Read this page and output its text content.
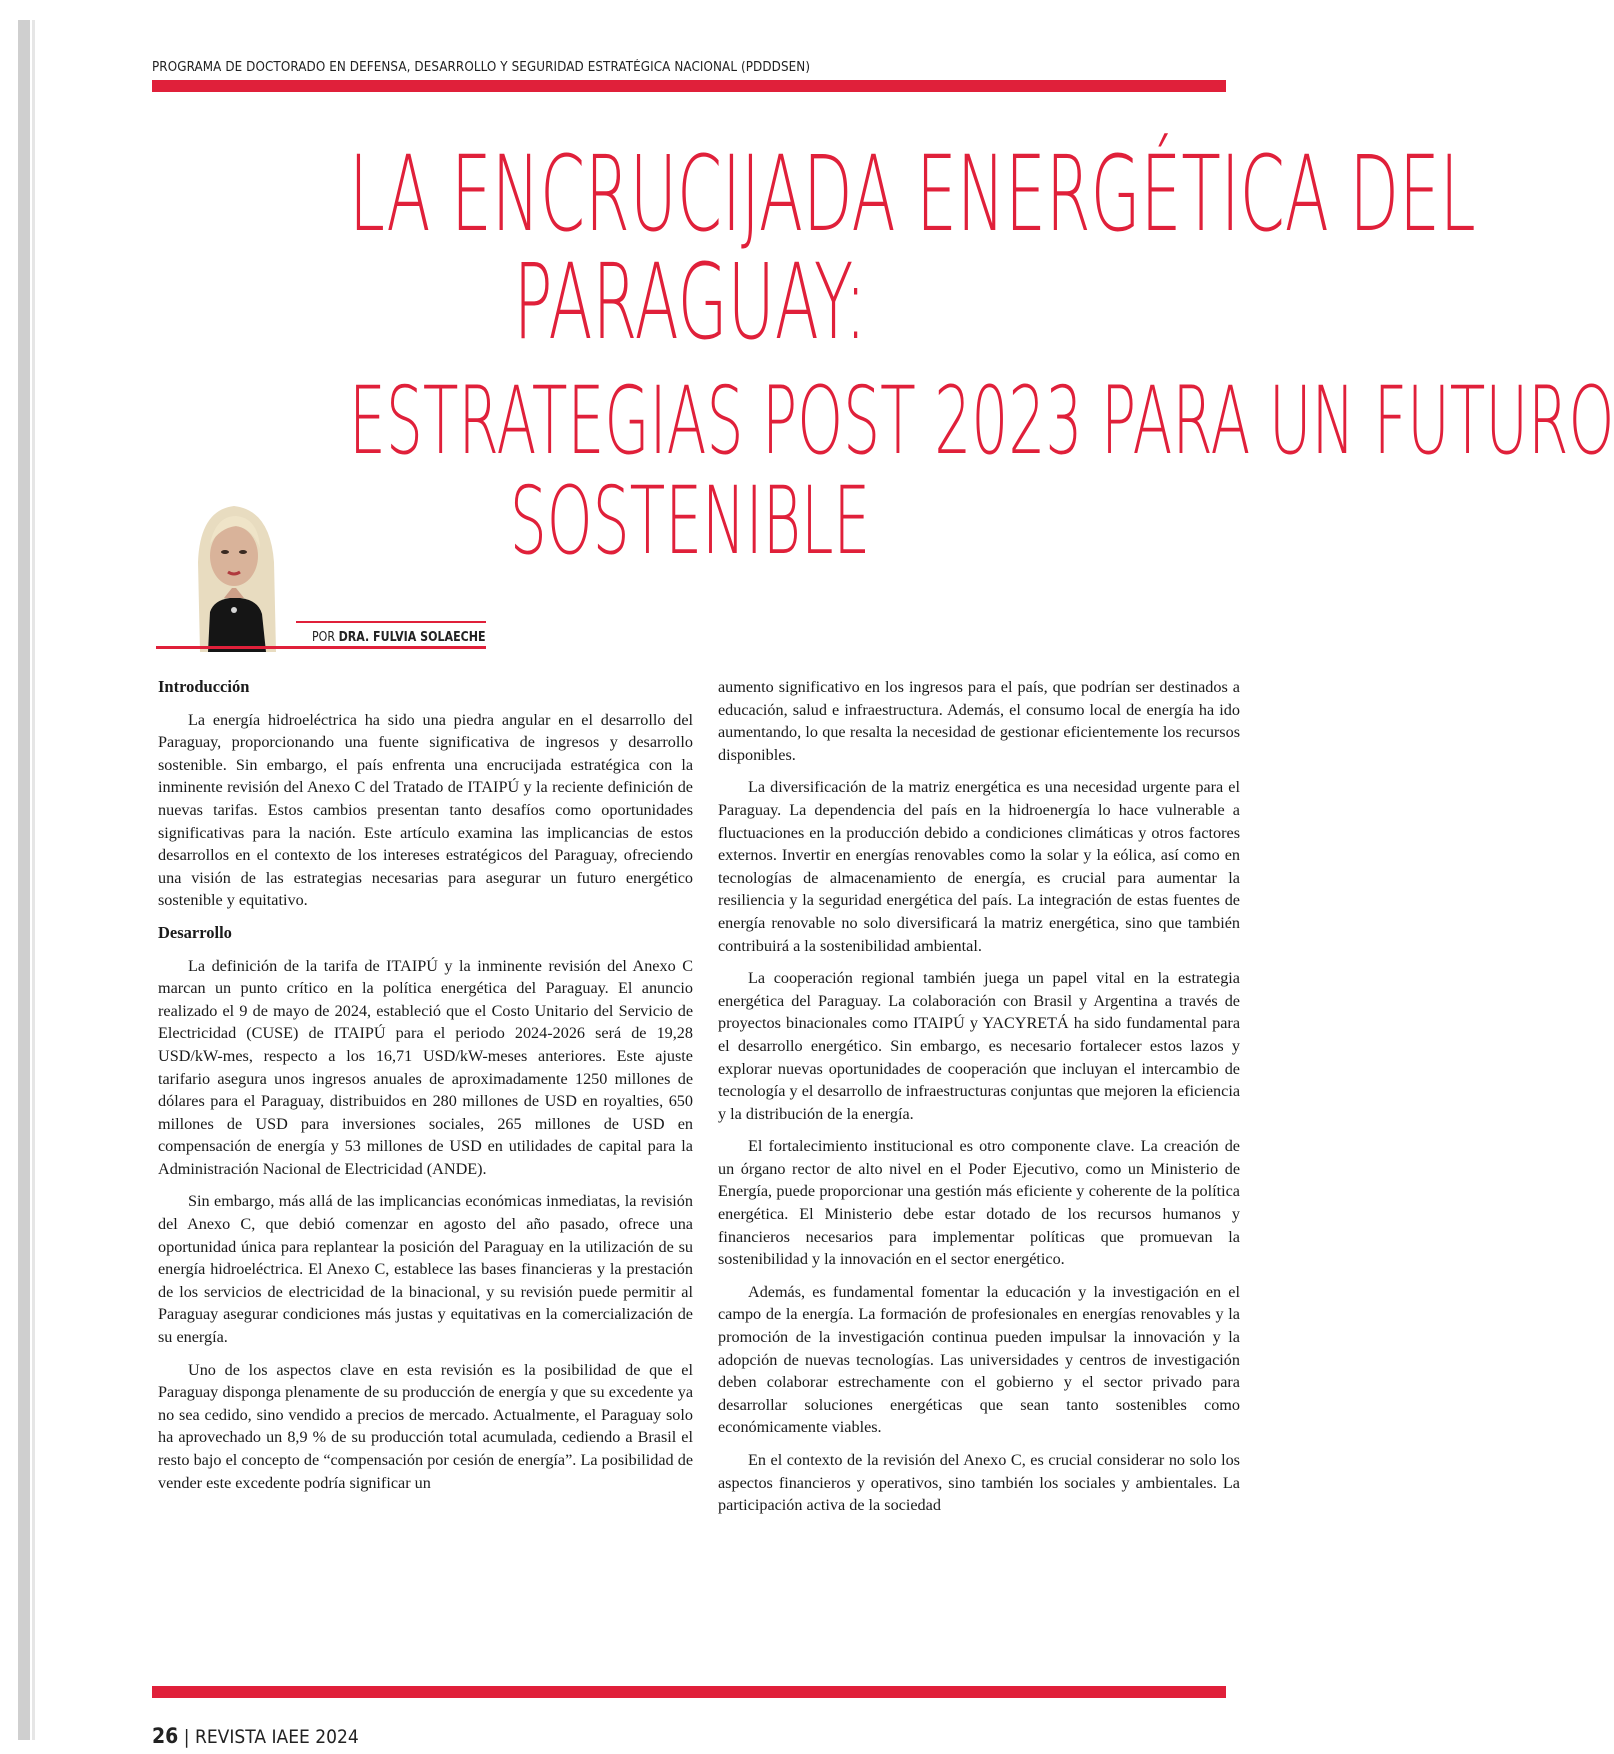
PROGRAMA DE DOCTORADO EN DEFENSA, DESARROLLO Y SEGURIDAD ESTRATÉGICA NACIONAL (PDDDSEN)
LA ENCRUCIJADA ENERGÉTICA DEL
PARAGUAY:
ESTRATEGIAS POST 2023 PARA UN FUTURO
SOSTENIBLE
POR DRA. FULVIA SOLAECHE
Introducción

La energía hidroeléctrica ha sido una piedra angular en el desarrollo del Paraguay, proporcionando una fuente significativa de ingresos y desarrollo sostenible. Sin embargo, el país enfrenta una encrucijada estratégica con la inminente revisión del Anexo C del Tratado de ITAIPÚ y la reciente definición de nuevas tarifas. Estos cambios presentan tanto desafíos como oportunidades significativas para la nación. Este artículo examina las implicancias de estos desarrollos en el contexto de los intereses estratégicos del Paraguay, ofreciendo una visión de las estrategias necesarias para asegurar un futuro energético sostenible y equitativo.

Desarrollo

La definición de la tarifa de ITAIPÚ y la inminente revisión del Anexo C marcan un punto crítico en la política energética del Paraguay. El anuncio realizado el 9 de mayo de 2024, estableció que el Costo Unitario del Servicio de Electricidad (CUSE) de ITAIPÚ para el periodo 2024-2026 será de 19,28 USD/kW-mes, respecto a los 16,71 USD/kW-meses anteriores. Este ajuste tarifario asegura unos ingresos anuales de aproximadamente 1250 millones de dólares para el Paraguay, distribuidos en 280 millones de USD en royalties, 650 millones de USD para inversiones sociales, 265 millones de USD en compensación de energía y 53 millones de USD en utilidades de capital para la Administración Nacional de Electricidad (ANDE).

Sin embargo, más allá de las implicancias económicas inmediatas, la revisión del Anexo C, que debió comenzar en agosto del año pasado, ofrece una oportunidad única para replantear la posición del Paraguay en la utilización de su energía hidroeléctrica. El Anexo C, establece las bases financieras y la prestación de los servicios de electricidad de la binacional, y su revisión puede permitir al Paraguay asegurar condiciones más justas y equitativas en la comercialización de su energía.

Uno de los aspectos clave en esta revisión es la posibilidad de que el Paraguay disponga plenamente de su producción de energía y que su excedente ya no sea cedido, sino vendido a precios de mercado. Actualmente, el Paraguay solo ha aprovechado un 8,9 % de su producción total acumulada, cediendo a Brasil el resto bajo el concepto de “compensación por cesión de energía”. La posibilidad de vender este excedente podría significar un

aumento significativo en los ingresos para el país, que podrían ser destinados a educación, salud e infraestructura. Además, el consumo local de energía ha ido aumentando, lo que resalta la necesidad de gestionar eficientemente los recursos disponibles.

La diversificación de la matriz energética es una necesidad urgente para el Paraguay. La dependencia del país en la hidroenergía lo hace vulnerable a fluctuaciones en la producción debido a condiciones climáticas y otros factores externos. Invertir en energías renovables como la solar y la eólica, así como en tecnologías de almacenamiento de energía, es crucial para aumentar la resiliencia y la seguridad energética del país. La integración de estas fuentes de energía renovable no solo diversificará la matriz energética, sino que también contribuirá a la sostenibilidad ambiental.

La cooperación regional también juega un papel vital en la estrategia energética del Paraguay. La colaboración con Brasil y Argentina a través de proyectos binacionales como ITAIPÚ y YACYRETÁ ha sido fundamental para el desarrollo energético. Sin embargo, es necesario fortalecer estos lazos y explorar nuevas oportunidades de cooperación que incluyan el intercambio de tecnología y el desarrollo de infraestructuras conjuntas que mejoren la eficiencia y la distribución de la energía.

El fortalecimiento institucional es otro componente clave. La creación de un órgano rector de alto nivel en el Poder Ejecutivo, como un Ministerio de Energía, puede proporcionar una gestión más eficiente y coherente de la política energética. El Ministerio debe estar dotado de los recursos humanos y financieros necesarios para implementar políticas que promuevan la sostenibilidad y la innovación en el sector energético.

Además, es fundamental fomentar la educación y la investigación en el campo de la energía. La formación de profesionales en energías renovables y la promoción de la investigación continua pueden impulsar la innovación y la adopción de nuevas tecnologías. Las universidades y centros de investigación deben colaborar estrechamente con el gobierno y el sector privado para desarrollar soluciones energéticas que sean tanto sostenibles como económicamente viables.

En el contexto de la revisión del Anexo C, es crucial considerar no solo los aspectos financieros y operativos, sino también los sociales y ambientales. La participación activa de la sociedad

26 | REVISTA IAEE 2024
